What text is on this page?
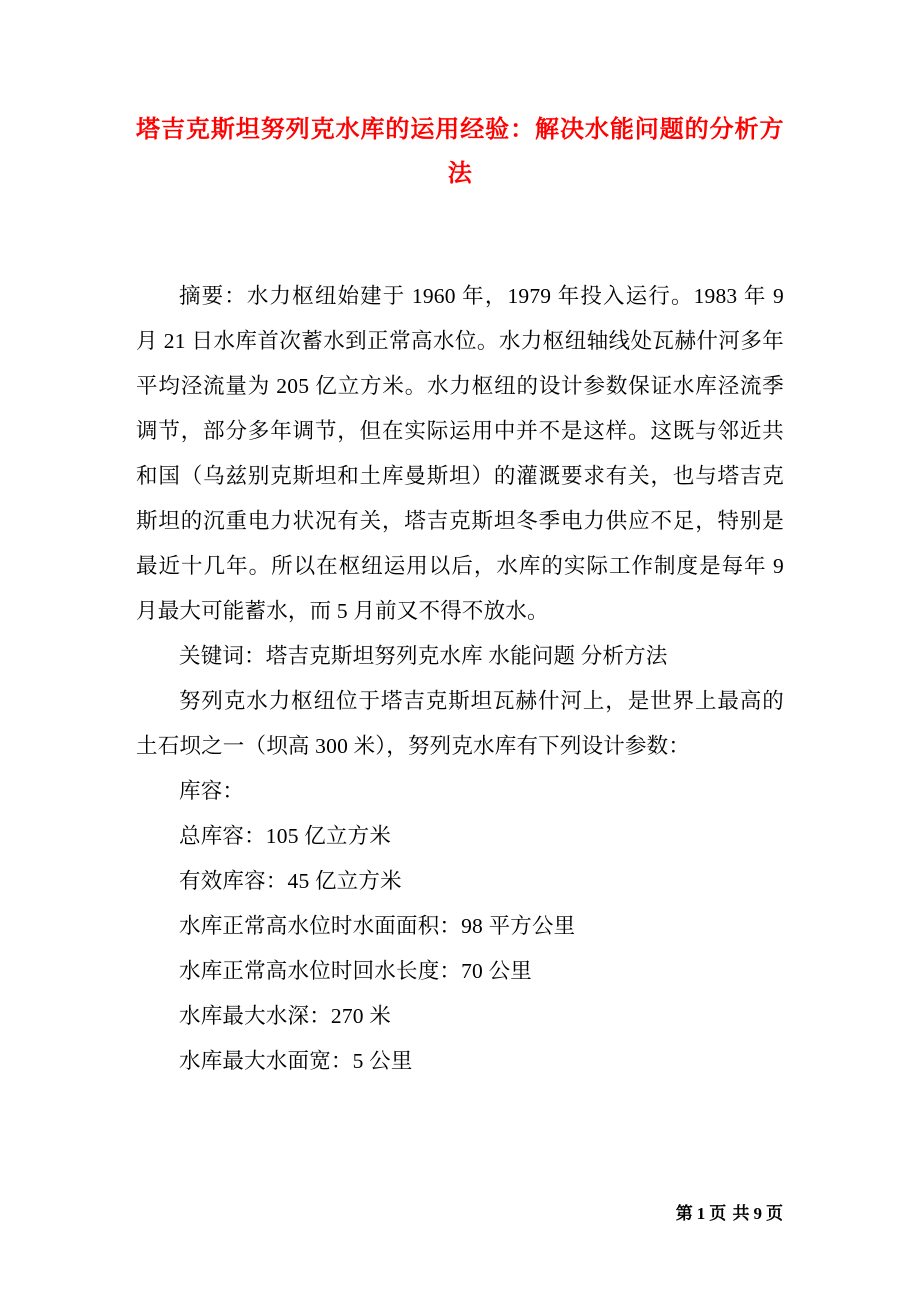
塔吉克斯坦努列克水库的运用经验：解决水能问题的分析方法

摘要：水力枢纽始建于 1960 年，1979 年投入运行。1983 年 9 月 21 日水库首次蓄水到正常高水位。水力枢纽轴线处瓦赫什河多年平均泾流量为 205 亿立方米。水力枢纽的设计参数保证水库泾流季调节，部分多年调节，但在实际运用中并不是这样。这既与邻近共和国（乌兹别克斯坦和土库曼斯坦）的灌溉要求有关，也与塔吉克斯坦的沉重电力状况有关，塔吉克斯坦冬季电力供应不足，特别是最近十几年。所以在枢纽运用以后，水库的实际工作制度是每年 9 月最大可能蓄水，而 5 月前又不得不放水。

关键词：塔吉克斯坦努列克水库 水能问题 分析方法

努列克水力枢纽位于塔吉克斯坦瓦赫什河上，是世界上最高的土石坝之一（坝高 300 米），努列克水库有下列设计参数：

库容：

总库容：105 亿立方米

有效库容：45 亿立方米

水库正常高水位时水面面积：98 平方公里

水库正常高水位时回水长度：70 公里

水库最大水深：270 米

水库最大水面宽：5 公里

第 1 页 共 9 页
